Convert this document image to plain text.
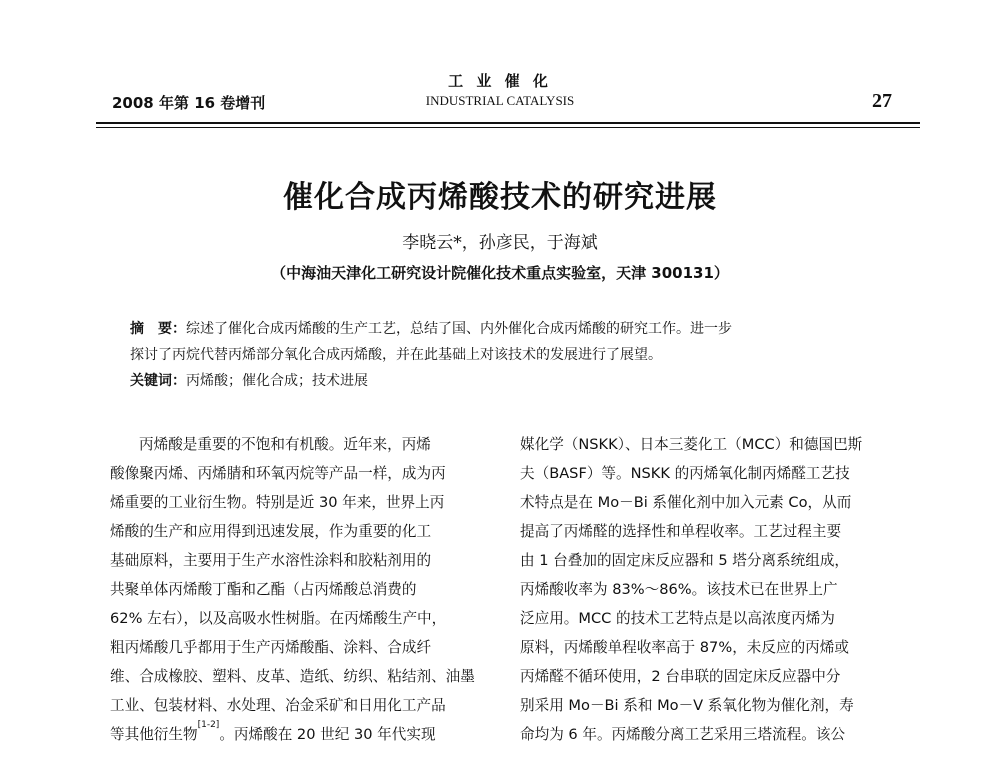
2008 年第 16 卷增刊
工 业 催 化
INDUSTRIAL CATALYSIS	27
催化合成丙烯酸技术的研究进展
李晓云*，孙彦民，于海斌
（中海油天津化工研究设计院催化技术重点实验室，天津 300131）
摘　要：综述了催化合成丙烯酸的生产工艺，总结了国、内外催化合成丙烯酸的研究工作。进一步
探讨了丙烷代替丙烯部分氧化合成丙烯酸，并在此基础上对该技术的发展进行了展望。
关键词：丙烯酸；催化合成；技术进展
丙烯酸是重要的不饱和有机酸。近年来，丙烯
酸像聚丙烯、丙烯腈和环氧丙烷等产品一样，成为丙
烯重要的工业衍生物。特别是近 30 年来，世界上丙
烯酸的生产和应用得到迅速发展，作为重要的化工
基础原料，主要用于生产水溶性涂料和胶粘剂用的
共聚单体丙烯酸丁酯和乙酯（占丙烯酸总消费的
62% 左右），以及高吸水性树脂。在丙烯酸生产中，
粗丙烯酸几乎都用于生产丙烯酸酯、涂料、合成纤
维、合成橡胶、塑料、皮革、造纸、纺织、粘结剂、油墨
工业、包装材料、水处理、冶金采矿和日用化工产品
等其他衍生物[1-2]。丙烯酸在 20 世纪 30 年代实现
媒化学（NSKK）、日本三菱化工（MCC）和德国巴斯
夫（BASF）等。NSKK 的丙烯氧化制丙烯醛工艺技
术特点是在 Mo－Bi 系催化剂中加入元素 Co，从而
提高了丙烯醛的选择性和单程收率。工艺过程主要
由 1 台叠加的固定床反应器和 5 塔分离系统组成，
丙烯酸收率为 83%～86%。该技术已在世界上广
泛应用。MCC 的技术工艺特点是以高浓度丙烯为
原料，丙烯酸单程收率高于 87%，未反应的丙烯或
丙烯醛不循环使用，2 台串联的固定床反应器中分
别采用 Mo－Bi 系和 Mo－V 系氧化物为催化剂，寿
命均为 6 年。丙烯酸分离工艺采用三塔流程。该公
